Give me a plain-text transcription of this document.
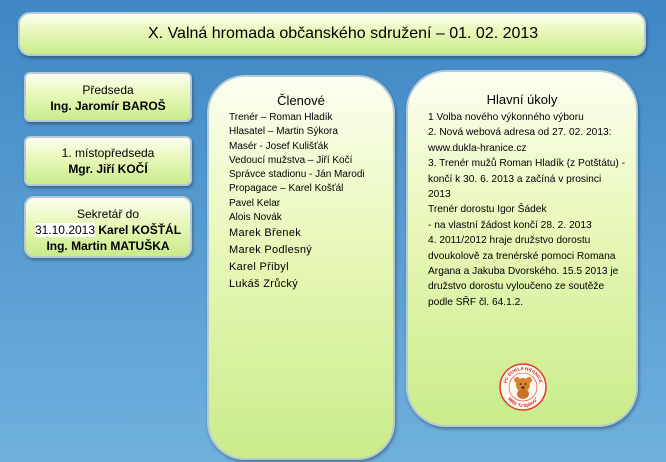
X. Valná hromada občanského sdružení – 01. 02. 2013
Předseda
Ing. Jaromír BAROŠ
1. místopředseda
Mgr. Jiří KOČÍ
Sekretář do
31.10.2013 Karel KOŠŤÁL
Ing. Martin MATUŠKA
Členové
Trenér – Roman Hladík
Hlasatel – Martin Sýkora
Masér - Josef Kulišťák
Vedoucí mužstva – Jiří Kočí
Správce stadionu - Ján Marodi
Propagace – Karel Košťál
Pavel Kelar
Alois Novák
Marek Břenek
Marek Podlesný
Karel Přibyl
Lukáš Zrůcký
Hlavní úkoly
1 Volba nového výkonného výboru
2. Nová webová adresa od 27. 02. 2013: www.dukla-hranice.cz
3. Trenér mužů Roman Hladík (z Potštátu) - končí k 30. 6. 2013 a začíná v prosinci 2013
Trenér dorostu Igor Šádek
- na vlastní žádost končí 28. 2. 2013
4. 2011/2012 hraje družstvo dorostu dvoukolově za trenérské pomoci Romana Argana a Jakuba Dvorského. 15.5 2013 je družstvo dorostu vyloučeno ze soutěže podle SŘF čl. 64.1.2.
FC DUKLA HRANICE
MRS "U Splavu"
